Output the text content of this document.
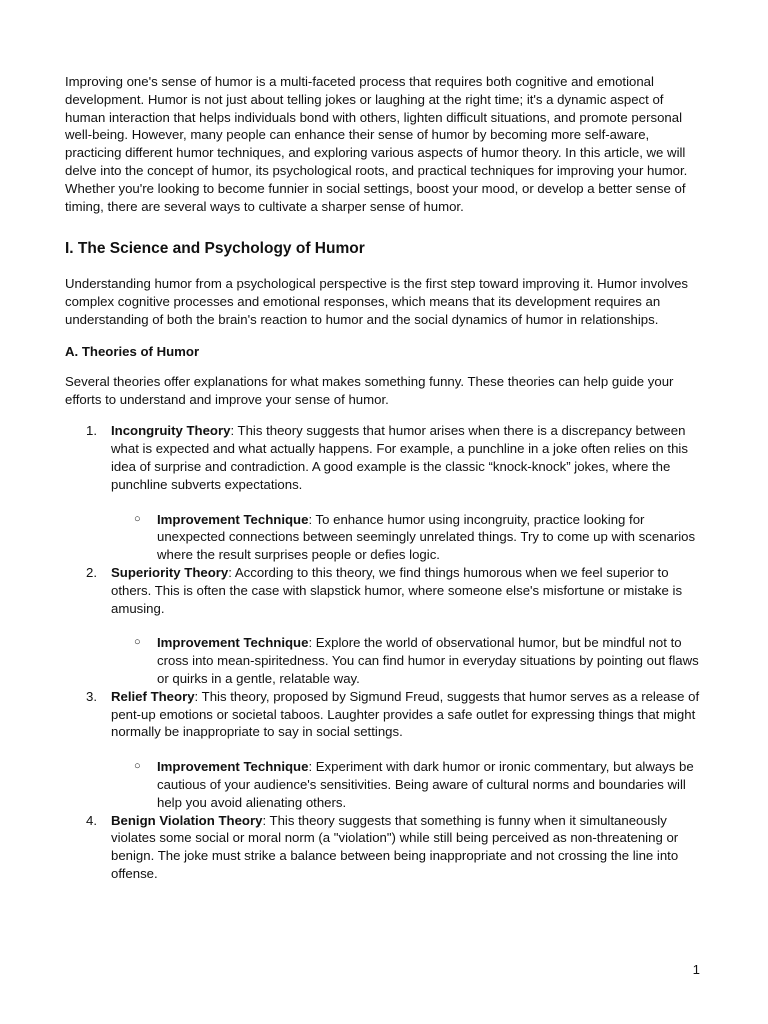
Improving one's sense of humor is a multi-faceted process that requires both cognitive and emotional development. Humor is not just about telling jokes or laughing at the right time; it's a dynamic aspect of human interaction that helps individuals bond with others, lighten difficult situations, and promote personal well-being. However, many people can enhance their sense of humor by becoming more self-aware, practicing different humor techniques, and exploring various aspects of humor theory. In this article, we will delve into the concept of humor, its psychological roots, and practical techniques for improving your humor. Whether you're looking to become funnier in social settings, boost your mood, or develop a better sense of timing, there are several ways to cultivate a sharper sense of humor.

I. The Science and Psychology of Humor

Understanding humor from a psychological perspective is the first step toward improving it. Humor involves complex cognitive processes and emotional responses, which means that its development requires an understanding of both the brain's reaction to humor and the social dynamics of humor in relationships.

A. Theories of Humor

Several theories offer explanations for what makes something funny. These theories can help guide your efforts to understand and improve your sense of humor.

1. Incongruity Theory: This theory suggests that humor arises when there is a discrepancy between what is expected and what actually happens. For example, a punchline in a joke often relies on this idea of surprise and contradiction. A good example is the classic “knock-knock” jokes, where the punchline subverts expectations.

○ Improvement Technique: To enhance humor using incongruity, practice looking for unexpected connections between seemingly unrelated things. Try to come up with scenarios where the result surprises people or defies logic.

2. Superiority Theory: According to this theory, we find things humorous when we feel superior to others. This is often the case with slapstick humor, where someone else's misfortune or mistake is amusing.

○ Improvement Technique: Explore the world of observational humor, but be mindful not to cross into mean-spiritedness. You can find humor in everyday situations by pointing out flaws or quirks in a gentle, relatable way.

3. Relief Theory: This theory, proposed by Sigmund Freud, suggests that humor serves as a release of pent-up emotions or societal taboos. Laughter provides a safe outlet for expressing things that might normally be inappropriate to say in social settings.

○ Improvement Technique: Experiment with dark humor or ironic commentary, but always be cautious of your audience's sensitivities. Being aware of cultural norms and boundaries will help you avoid alienating others.

4. Benign Violation Theory: This theory suggests that something is funny when it simultaneously violates some social or moral norm (a "violation") while still being perceived as non-threatening or benign. The joke must strike a balance between being inappropriate and not crossing the line into offense.

1
